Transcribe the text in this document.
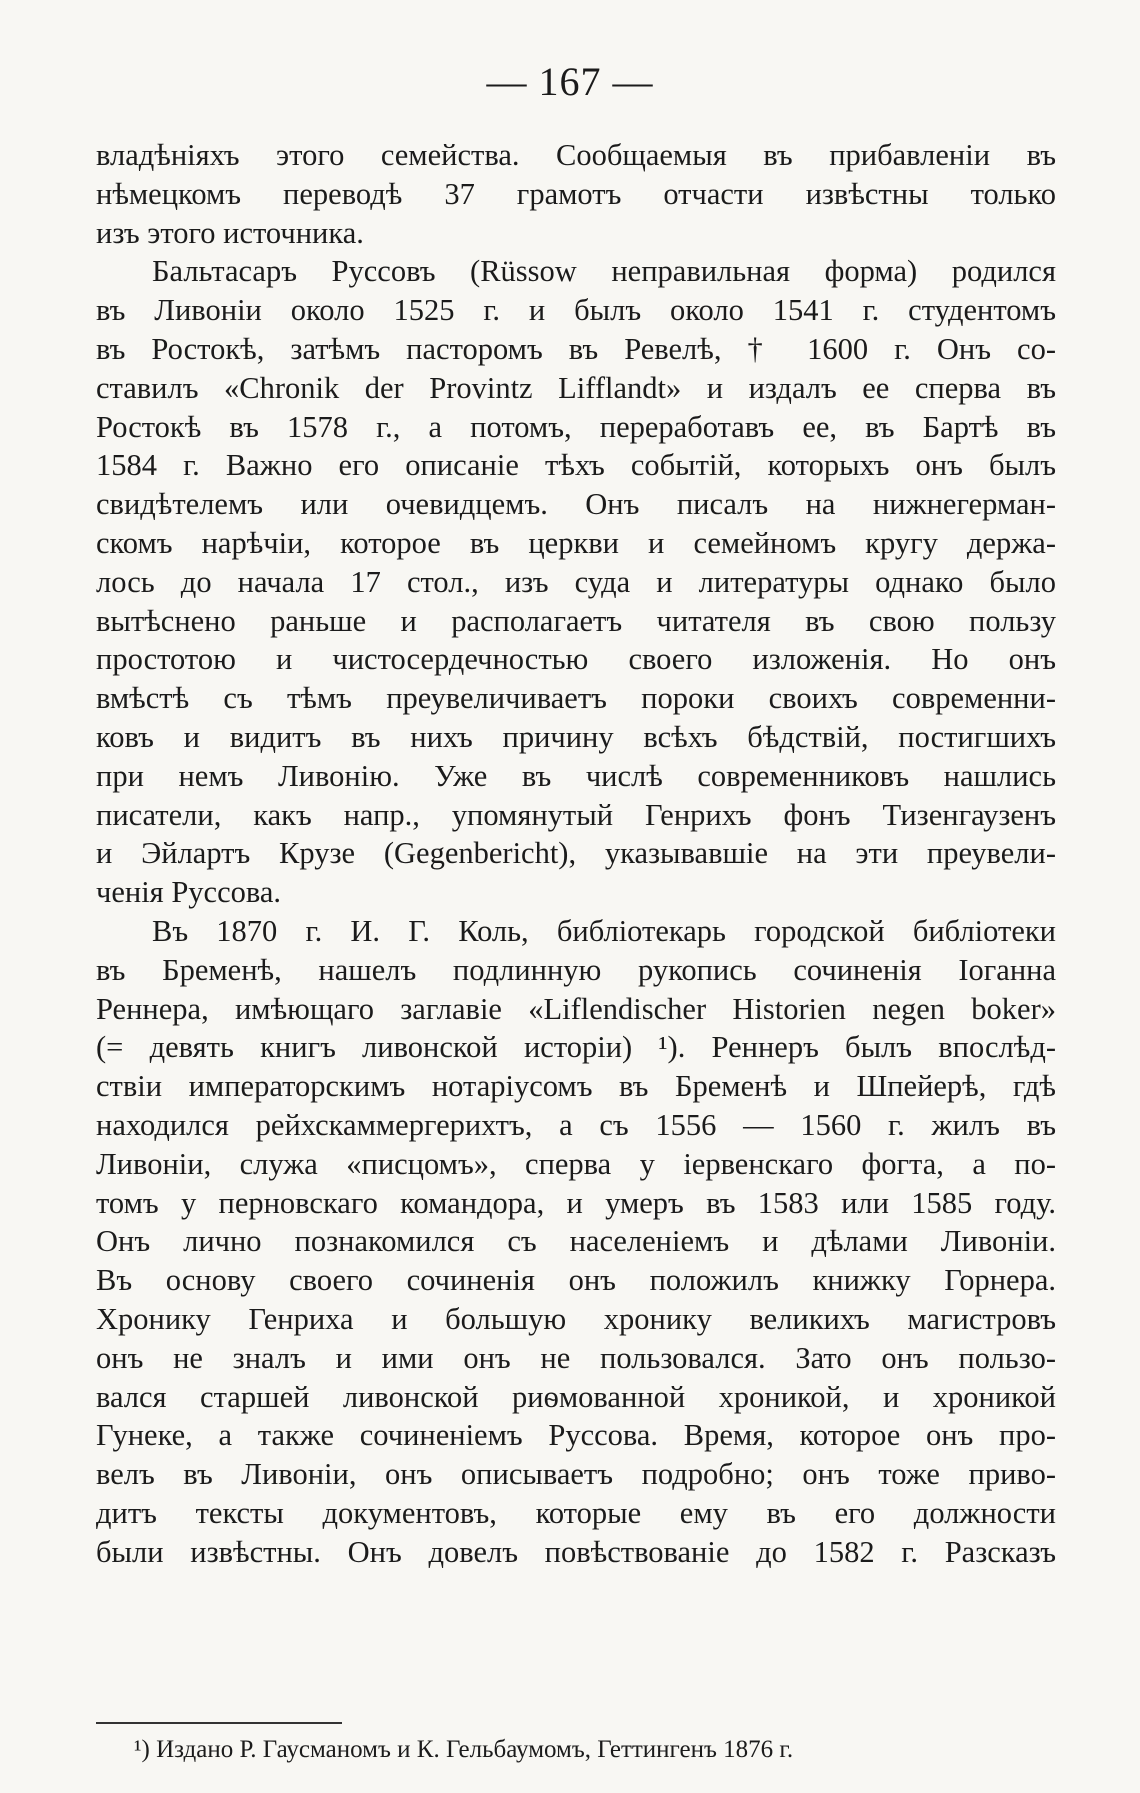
— 167 —
владѣніяхъ этого семейства. Сообщаемыя въ прибавленіи въ
нѣмецкомъ переводѣ 37 грамотъ отчасти извѣстны только
изъ этого источника.
Бальтасаръ Руссовъ (Rüssow неправильная форма) родился
въ Ливоніи около 1525 г. и былъ около 1541 г. студентомъ
въ Ростокѣ, затѣмъ пасторомъ въ Ревелѣ, † 1600 г. Онъ со-
ставилъ «Chronik der Provintz Lifflandt» и издалъ ее сперва въ
Ростокѣ въ 1578 г., а потомъ, переработавъ ее, въ Бартѣ въ
1584 г. Важно его описаніе тѣхъ событій, которыхъ онъ былъ
свидѣтелемъ или очевидцемъ. Онъ писалъ на нижнегерман-
скомъ нарѣчіи, которое въ церкви и семейномъ кругу держа-
лось до начала 17 стол., изъ суда и литературы однако было
вытѣснено раньше и располагаетъ читателя въ свою пользу
простотою и чистосердечностью своего изложенія. Но онъ
вмѣстѣ съ тѣмъ преувеличиваетъ пороки своихъ современни-
ковъ и видитъ въ нихъ причину всѣхъ бѣдствій, постигшихъ
при немъ Ливонію. Уже въ числѣ современниковъ нашлись
писатели, какъ напр., упомянутый Генрихъ фонъ Тизенгаузенъ
и Эйлартъ Крузе (Gegenbericht), указывавшіе на эти преувели-
ченія Руссова.
Въ 1870 г. И. Г. Коль, библіотекарь городской библіотеки
въ Бременѣ, нашелъ подлинную рукопись сочиненія Іоганна
Реннера, имѣющаго заглавіе «Liflendischer Historien negen boker»
(= девять книгъ ливонской исторіи) ¹). Реннеръ былъ впослѣд-
ствіи императорскимъ нотаріусомъ въ Бременѣ и Шпейерѣ, гдѣ
находился рейхскаммергерихтъ, а съ 1556 — 1560 г. жилъ въ
Ливоніи, служа «писцомъ», сперва у іервенскаго фогта, а по-
томъ у перновскаго командора, и умеръ въ 1583 или 1585 году.
Онъ лично познакомился съ населеніемъ и дѣлами Ливоніи.
Въ основу своего сочиненія онъ положилъ книжку Горнера.
Хронику Генриха и большую хронику великихъ магистровъ
онъ не зналъ и ими онъ не пользовался. Зато онъ пользо-
вался старшей ливонской риѳмованной хроникой, и хроникой
Гунеке, а также сочиненіемъ Руссова. Время, которое онъ про-
велъ въ Ливоніи, онъ описываетъ подробно; онъ тоже приво-
дитъ тексты документовъ, которые ему въ его должности
были извѣстны. Онъ довелъ повѣствованіе до 1582 г. Разсказъ
¹) Издано Р. Гаусманомъ и К. Гельбаумомъ, Геттингенъ 1876 г.
